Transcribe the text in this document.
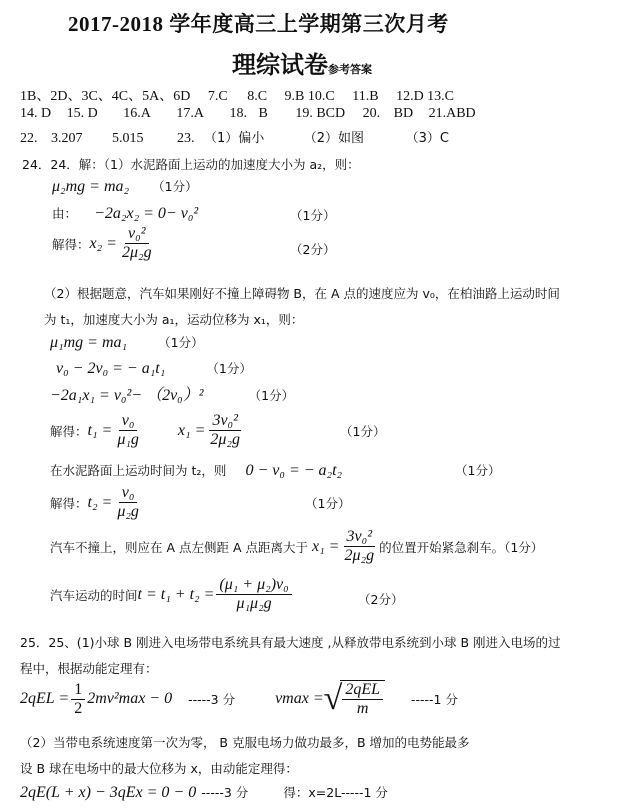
2017-2018 学年度高三上学期第三次月考
理综试卷参考答案
1B、2D、3C、4C、5A、6D 7.C 8.C 9.B 10.C 11.B 12.D 13.C
14. D 15. D 16.A 17.A 18. B 19. BCD 20. BD 21.ABD
22. 3.207 5.015 23. （1）偏小	（2）如图	（3）C
24．24．解：（1）水泥路面上运动的加速度大小为 a₂，则：
μ₂mg = ma₂ （1分）
由： −2a₂x₂ = 0− v₀²	（1分）
解得： $x_2 = \frac{\text{v₀²}}{\text{2μ₂g}}$	（2分）
（2）根据题意，汽车如果刚好不撞上障碍物 B，在 A 点的速度应为 v₀，在柏油路上运动时间
为 t₁，加速度大小为 a₁，运动位移为 x₁，则：
μ₁mg = ma₁ （1分）
v₀ − 2v₀ = − a₁t₁	（1分）
−2a₁x₁ = v₀²− （2v₀）²	（1分）
解得： $t_1 = \frac{\text{v₀}}{\text{μ₁g}} x_1 = \frac{\text{3v₀²}}{\text{2μ₂g}}$	（1分）
在水泥路面上运动时间为 t₂，则 0 − v₀ = − a₂t₂	（1分）
解得： $t_2 = \frac{\text{v₀}}{\text{μ₂g}}$	（1分）
汽车不撞上，则应在 A 点左侧距 A 点距离大于 $x_1 = \frac{\text{3v₀²}}{\text{2μ₂g}}$ 的位置开始紧急刹车。（1分）
汽车运动的时间 $t = t_1 + t_2 = \frac{\text{(μ₁ + μ₂)v₀}}{\text{μ₁μ₂g}}$	（2分）
25．25、(1)小球 B 刚进入电场带电系统具有最大速度 ,从释放带电系统到小球 B 刚进入电场的过
程中，根据动能定理有：
$2qEL = \frac{1}{2} 2mv^2\max - 0$ -----3 分	vmax = √ $\frac{\text{2qEL}}{m} -----1$ 分
（2）当带电系统速度第一次为零， B 克服电场力做功最多，B 增加的电势能最多
设 B 球在电场中的最大位移为 x，由动能定理得：
2qE(L + x) − 3qEx = 0 − 0 -----3 分	得：x=2L-----1 分
